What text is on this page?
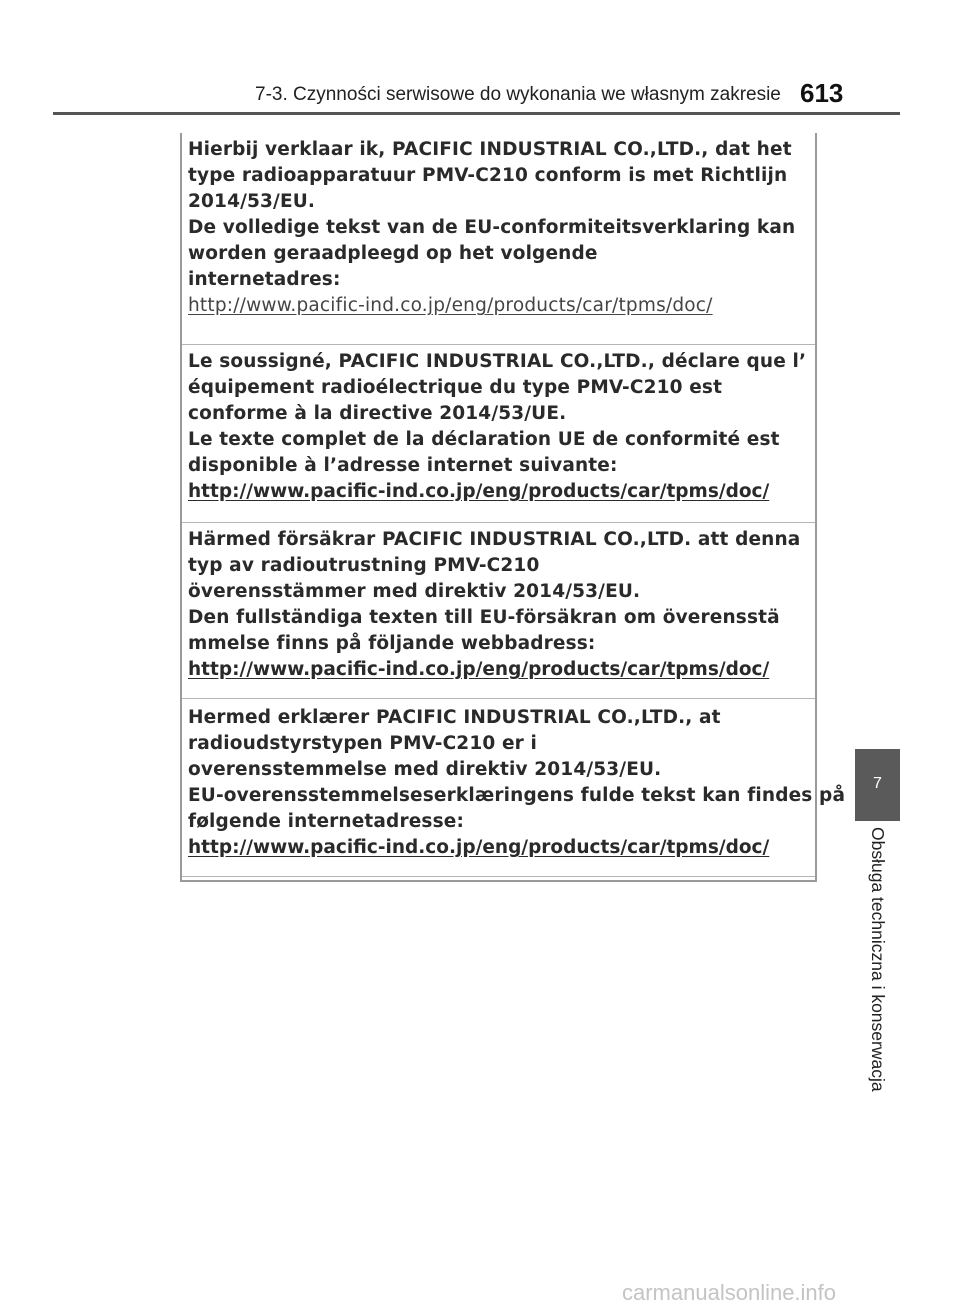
7-3. Czynności serwisowe do wykonania we własnym zakresie 613
Hierbij verklaar ik, PACIFIC INDUSTRIAL CO.,LTD., dat het
type radioapparatuur PMV-C210 conform is met Richtlijn
2014/53/EU.
De volledige tekst van de EU-conformiteitsverklaring kan
worden geraadpleegd op het volgende
internetadres:
http://www.pacific-ind.co.jp/eng/products/car/tpms/doc/
Le soussigné, PACIFIC INDUSTRIAL CO.,LTD., déclare que l’
équipement radioélectrique du type PMV-C210 est
conforme à la directive 2014/53/UE.
Le texte complet de la déclaration UE de conformité est
disponible à l’adresse internet suivante:
http://www.pacific-ind.co.jp/eng/products/car/tpms/doc/
Härmed försäkrar PACIFIC INDUSTRIAL CO.,LTD. att denna
typ av radioutrustning PMV-C210
överensstämmer med direktiv 2014/53/EU.
Den fullständiga texten till EU-försäkran om överensstä
mmelse finns på följande webbadress:
http://www.pacific-ind.co.jp/eng/products/car/tpms/doc/
Hermed erklærer PACIFIC INDUSTRIAL CO.,LTD., at
radioudstyrstypen PMV-C210 er i
overensstemmelse med direktiv 2014/53/EU.
EU-overensstemmelseserklæringens fulde tekst kan findes på
følgende internetadresse:
http://www.pacific-ind.co.jp/eng/products/car/tpms/doc/
7
Obsługa techniczna i konserwacja
carmanualsonline.info
